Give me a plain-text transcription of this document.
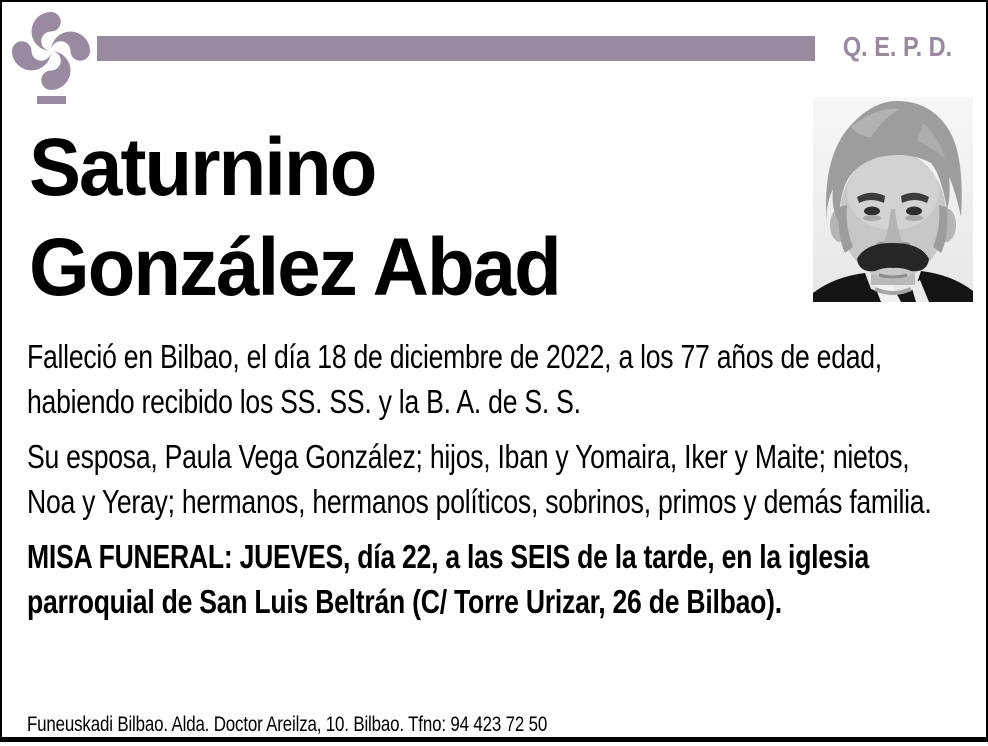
Q. E. P. D.
Saturnino
González Abad

Falleció en Bilbao, el día 18 de diciembre de 2022, a los 77 años de edad, habiendo recibido los SS. SS. y la B. A. de S. S.

Su esposa, Paula Vega González; hijos, Iban y Yomaira, Iker y Maite; nietos, Noa y Yeray; hermanos, hermanos políticos, sobrinos, primos y demás familia.

MISA FUNERAL: JUEVES, día 22, a las SEIS de la tarde, en la iglesia parroquial de San Luis Beltrán (C/ Torre Urizar, 26 de Bilbao).

Funeuskadi Bilbao. Alda. Doctor Areilza, 10. Bilbao. Tfno: 94 423 72 50
